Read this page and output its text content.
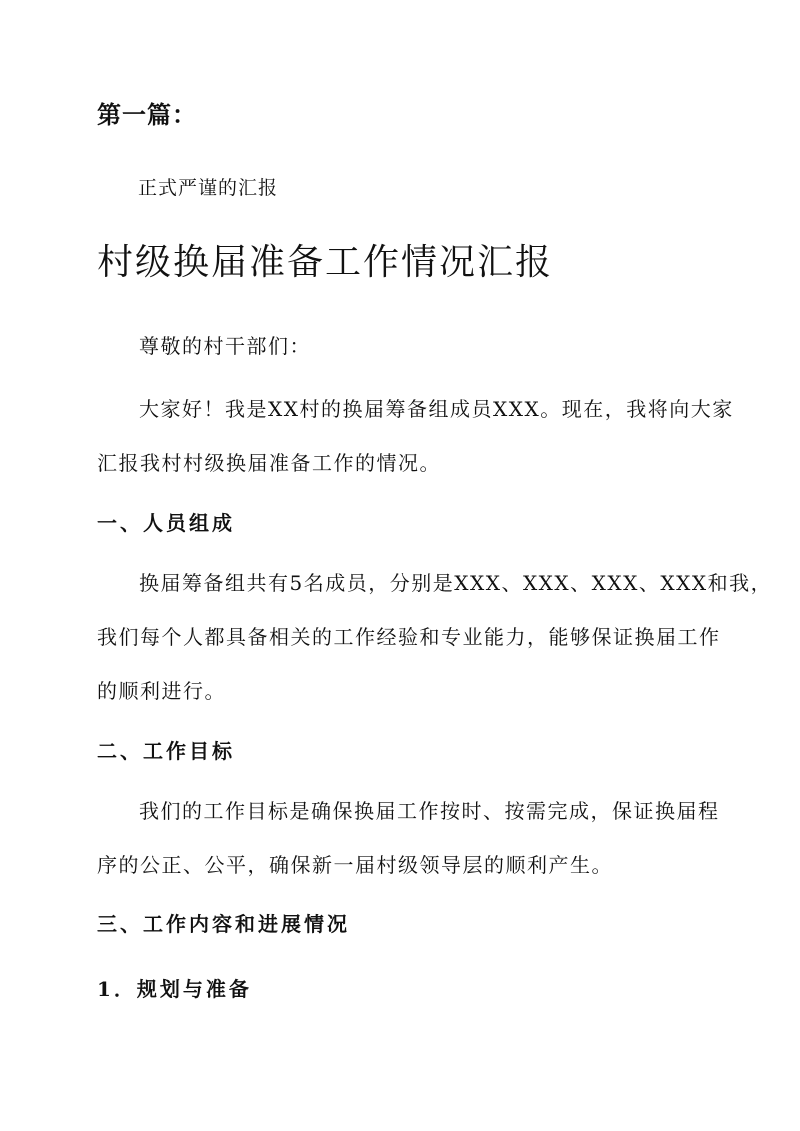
第一篇：
正式严谨的汇报
村级换届准备工作情况汇报
尊敬的村干部们：
大家好！我是XX村的换届筹备组成员XXX。现在，我将向大家
汇报我村村级换届准备工作的情况。
一、人员组成
换届筹备组共有5名成员，分别是XXX、XXX、XXX、XXX和我，
我们每个人都具备相关的工作经验和专业能力，能够保证换届工作
的顺利进行。
二、工作目标
我们的工作目标是确保换届工作按时、按需完成，保证换届程
序的公正、公平，确保新一届村级领导层的顺利产生。
三、工作内容和进展情况
1．规划与准备
